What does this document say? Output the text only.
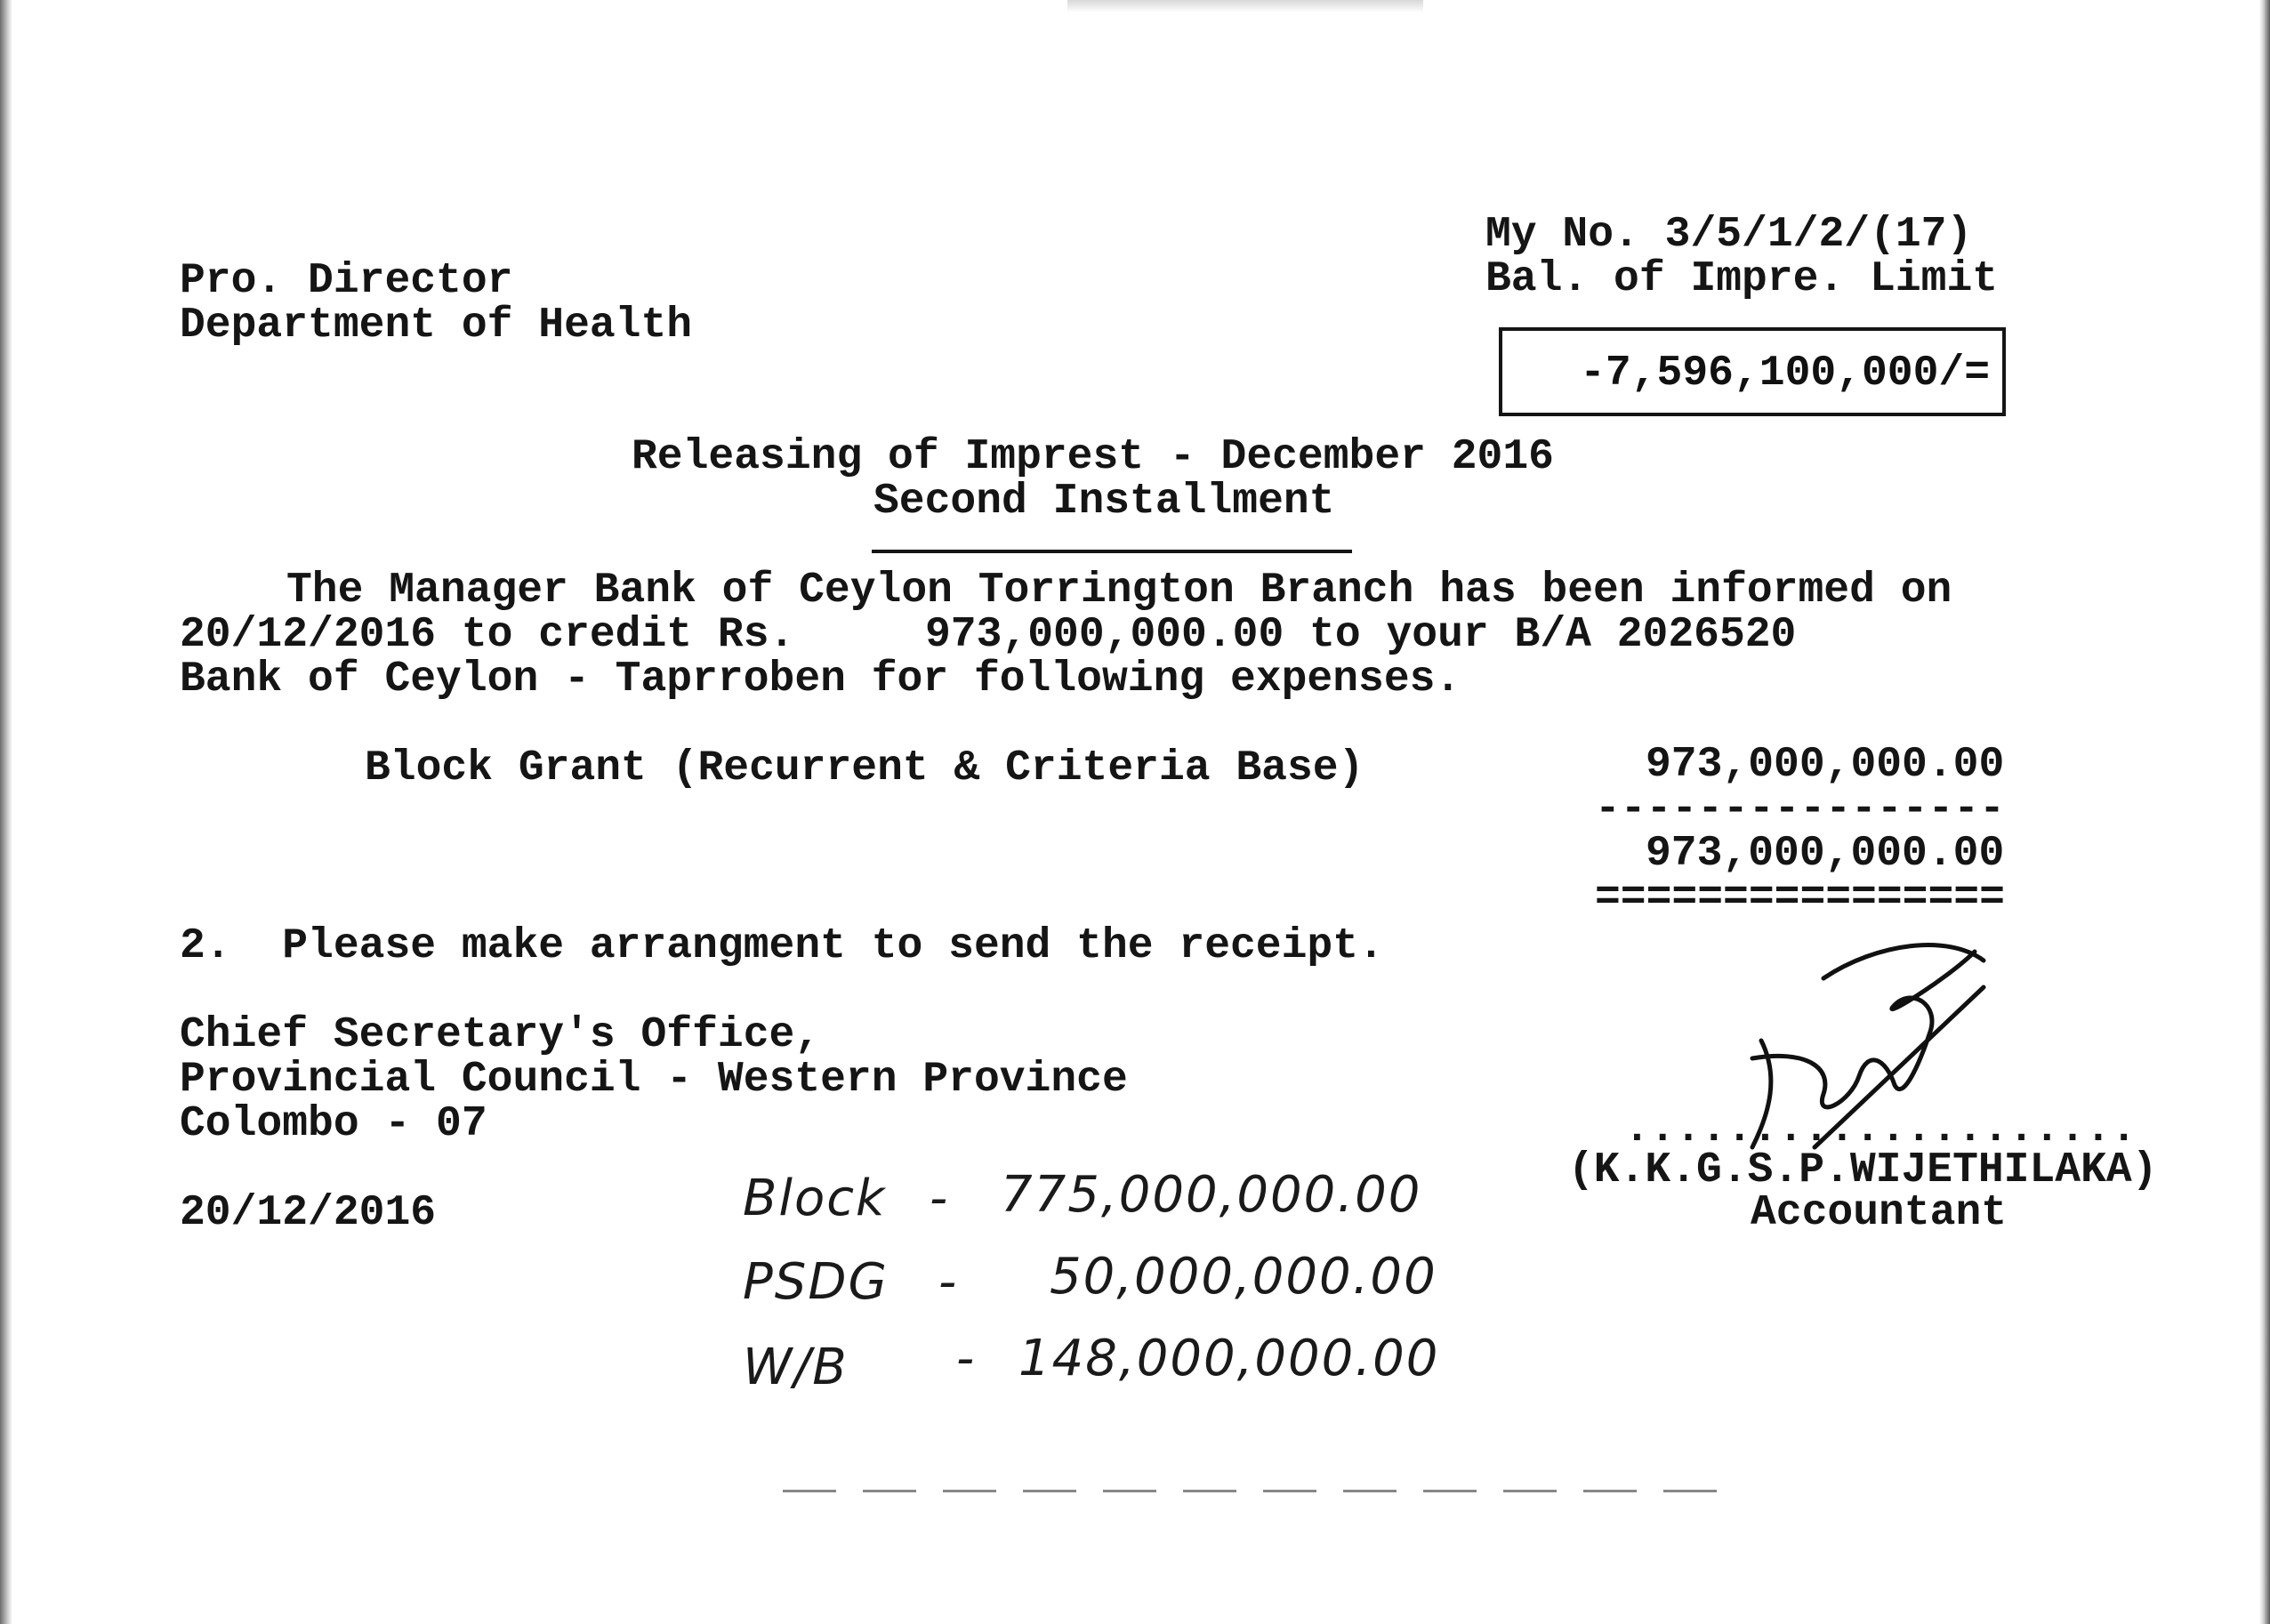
My No. 3/5/1/2/(17)
Bal. of Impre. Limit
-7,596,100,000/=
Pro. Director
Department of Health
Releasing of Imprest - December 2016
Second Installment
The Manager Bank of Ceylon Torrington Branch has been informed on
20/12/2016 to credit Rs.	973,000,000.00 to your B/A 2026520
Bank of Ceylon - Taprroben for following expenses.
Block Grant (Recurrent & Criteria Base)	973,000,000.00
----------------
973,000,000.00
================
2.  Please make arrangment to send the receipt.
Chief Secretary's Office,
Provincial Council - Western Province
Colombo - 07
20/12/2016
....................
(K.K.G.S.P.WIJETHILAKA)
Accountant
Block - 775,000,000.00
PSDG - 50,000,000.00
W/B - 148,000,000.00
